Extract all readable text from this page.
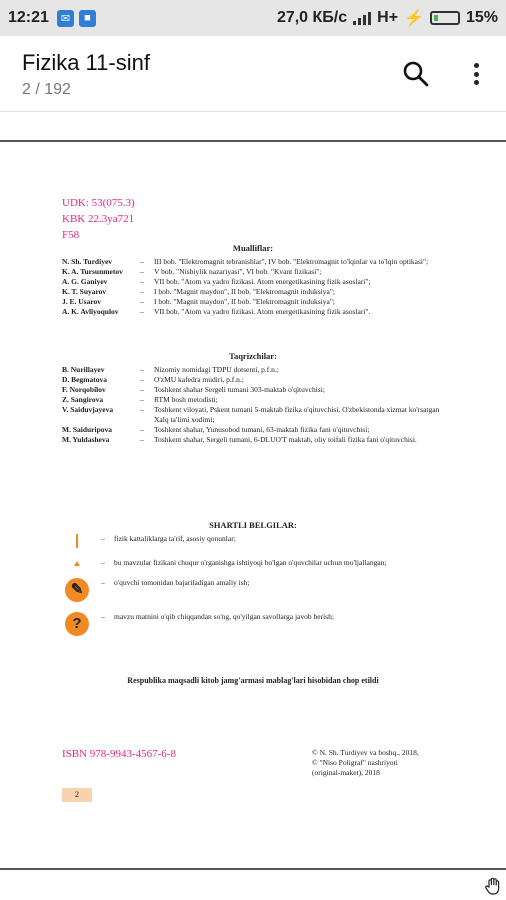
12:21	✉	■	27,0 КБ/с H+ ⚡	15%
Fizika 11-sinf
2 / 192
UDK: 53(075.3)
KBK 22.3ya721
F58
Mualliflar:
N. Sh. Turdiyev	–	III bob. "Elektromagnit tebranishlar", IV bob. "Elektromagnit to'lqinlar va to'lqin optikasi";
K. A. Tursunmetov	–	V bob. "Nisbiylik nazariyasi", VI bob. "Kvant fizikasi";
A. G. Ganiyev	–	VII bob. "Atom va yadro fizikasi. Atom energetikasining fizik asoslari";
K. T. Suyarov	–	I bob. "Magnit maydon", II bob. "Elektromagnit induksiya";
J. E. Usarov	–	I bob. "Magnit maydon", II bob. "Elektromagnit induksiya";
A. K. Avliyoqulov	–	VII bob. "Atom va yadro fizikasi. Atom energetikasining fizik asoslari".
Taqrizchilar:
B. Nurillayev	–	Nizomiy nomidagi TDPU dotsenti, p.f.n.;
D. Begmatova	–	O'zMU kafedra mudiri, p.f.n.;
F. Norqobilov	–	Toshkent shahar Sergeli tumani 303-maktab o'qituvchisi;
Z. Sangirova	–	RTM bosh metodisti;
V. Saiduvjayeva	–	Toshkent viloyati, Pskent tumani 5-maktab fizika o'qituvchisi, O'zbekistonda xizmat ko'rsatgan Xalq ta'limi xodimi;
M. Saiduripova	–	Toshkent shahar, Yunusobod tumani, 63-maktab fizika fani o'qituvchisi;
M. Yuldasheva	–	Toshkent shahar, Sergeli tumani, 6-DLUO'T maktab, oliy toifali fizika fani o'qituvchisi.
SHARTLI BELGILAR:
–	fizik kattaliklarga ta'rif, asosiy qonunlar;
–	bu mavzular fizikani chuqur o'rganishga ishtiyoqi bo'lgan o'quvchilar uchun mo'ljallangan;
✎	–	o'quvchi tomonidan bajariladigan amaliy ish;
?	–	mavzu matnini o'qib chiqqandan so'ng, qo'yilgan savollarga javob berish;
Respublika maqsadli kitob jamg'armasi mablag'lari hisobidan chop etildi
ISBN 978-9943-4567-6-8	© N. Sh. Turdiyev va boshq., 2018,
© "Niso Poligraf" nashriyoti
(original-maket), 2018
2
